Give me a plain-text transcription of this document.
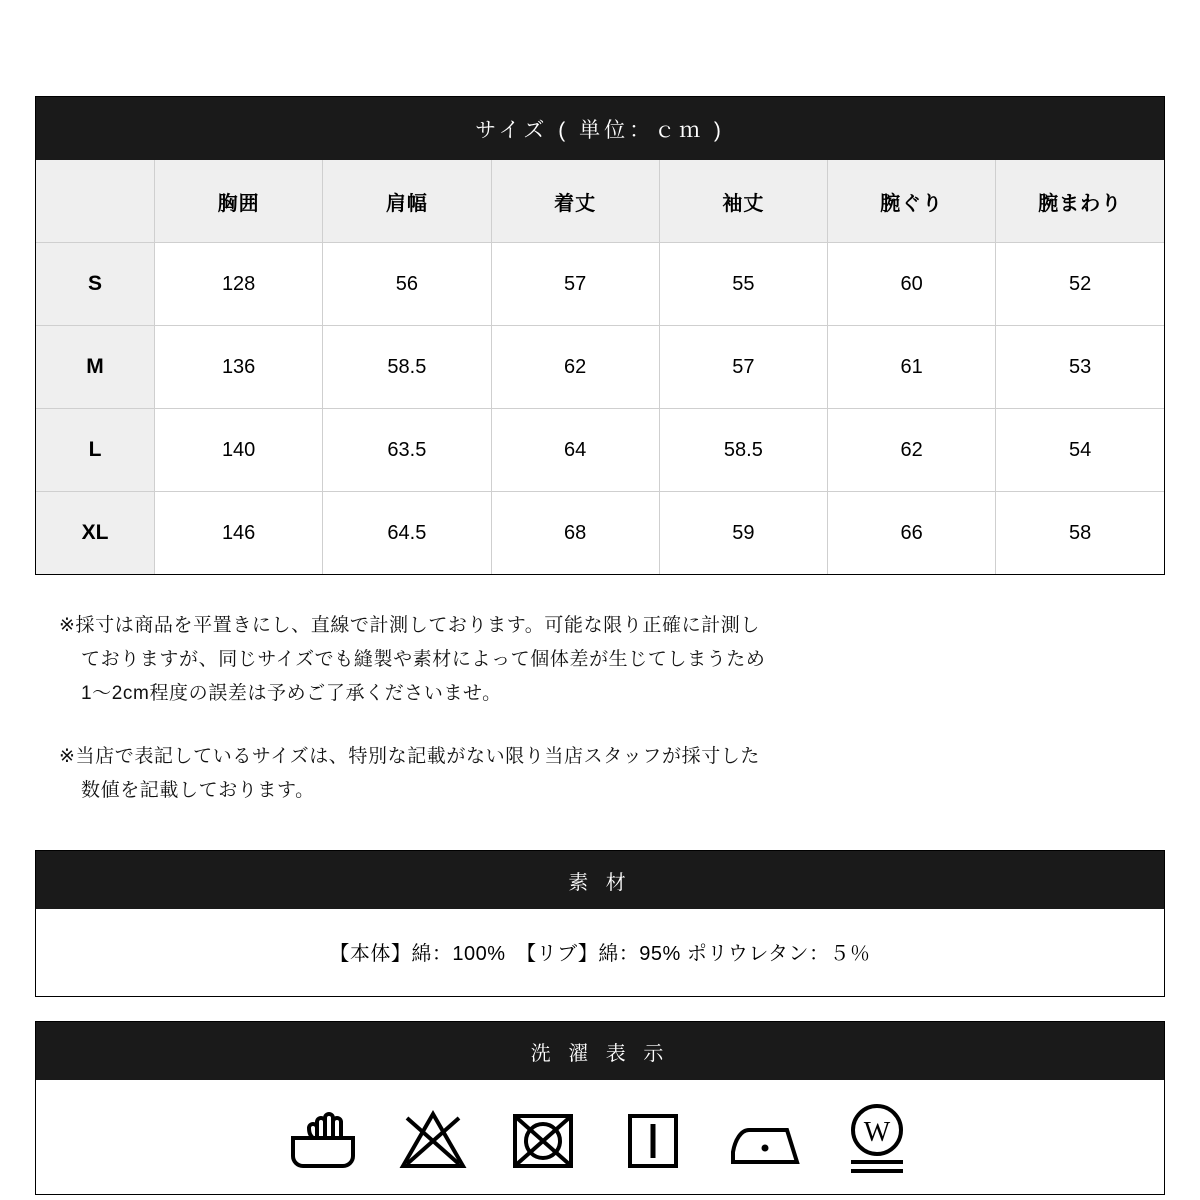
サイズ ( 単位：ｃｍ )
	胸囲	肩幅	着丈	袖丈	腕ぐり	腕まわり
S	128	56	57	55	60	52
M	136	58.5	62	57	61	53
L	140	63.5	64	58.5	62	54
XL	146	64.5	68	59	66	58
※採寸は商品を平置きにし、直線で計測しております。可能な限り正確に計測し
ておりますが、同じサイズでも縫製や素材によって個体差が生じてしまうため
1〜2cm程度の誤差は予めご了承くださいませ。
※当店で表記しているサイズは、特別な記載がない限り当店スタッフが採寸した
数値を記載しております。
素 材
【本体】綿：100%　【リブ】綿：95% ポリウレタン：５％
洗 濯 表 示
W
